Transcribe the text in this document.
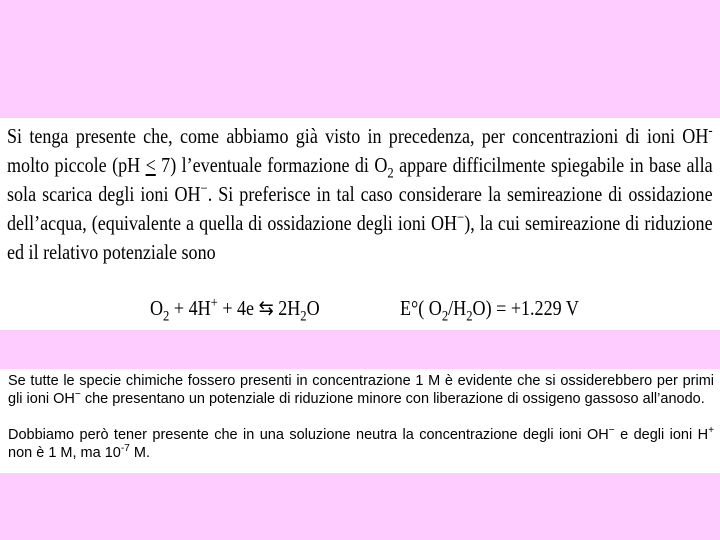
Si tenga presente che, come abbiamo già visto in precedenza, per concentrazioni di ioni OH- molto piccole (pH < 7) l’eventuale formazione di $O_2$ appare difficilmente spiegabile in base alla sola scarica degli ioni OH−. Si preferisce in tal caso considerare la semireazione di ossidazione dell’acqua, (equivalente a quella di ossidazione degli ioni OH−), la cui semireazione di riduzione ed il relativo potenziale sono
$O_2 + 4H^+ + 4e$ ⇆ $2H_2O$	E°( $O_2/H_2O) = +1.229$ V
Se tutte le specie chimiche fossero presenti in concentrazione 1 M è evidente che si ossiderebbero per primi gli ioni OH− che presentano un potenziale di riduzione minore con liberazione di ossigeno gassoso all’anodo.
Dobbiamo però tener presente che in una soluzione neutra la concentrazione degli ioni OH− e degli ioni H+ non è 1 M, ma $10^{-7}$ M.
